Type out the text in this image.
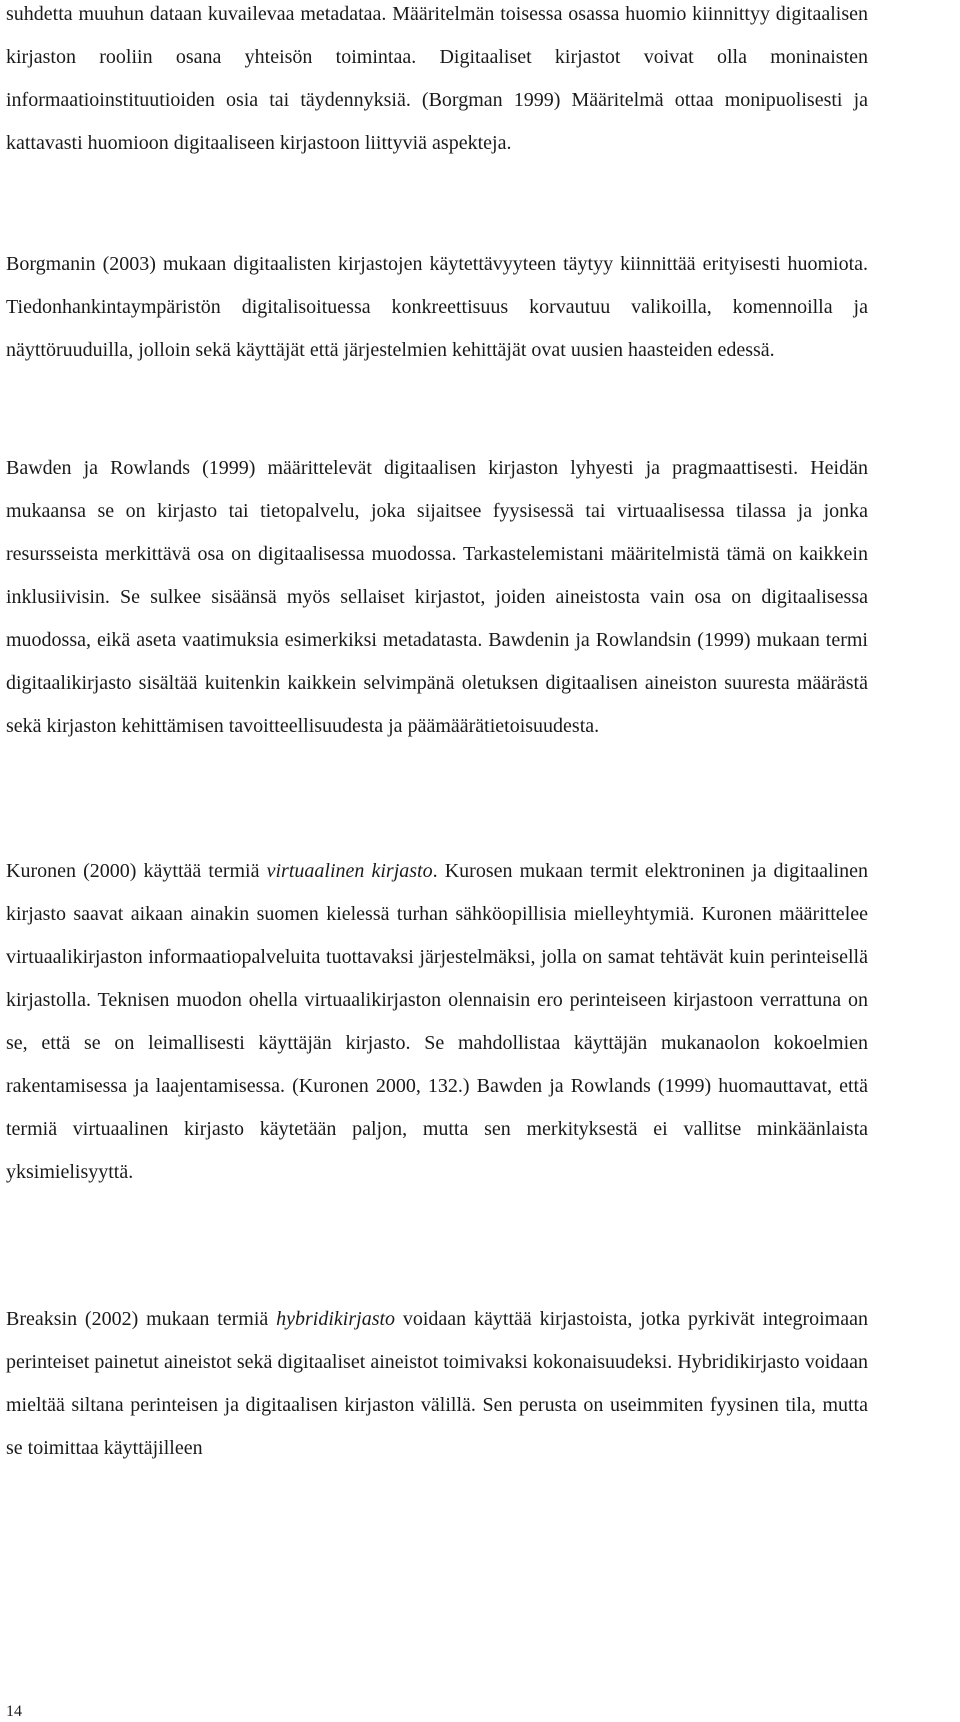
suhdetta muuhun dataan kuvailevaa metadataa. Määritelmän toisessa osassa huomio kiinnittyy digitaalisen kirjaston rooliin osana yhteisön toimintaa. Digitaaliset kirjastot voivat olla moninaisten informaatioinstituutioiden osia tai täydennyksiä. (Borgman 1999) Määritelmä ottaa monipuolisesti ja kattavasti huomioon digitaaliseen kirjastoon liittyviä aspekteja.

Borgmanin (2003) mukaan digitaalisten kirjastojen käytettävyyteen täytyy kiinnittää erityisesti huomiota. Tiedonhankintaympäristön digitalisoituessa konkreettisuus korvautuu valikoilla, komennoilla ja näyttöruuduilla, jolloin sekä käyttäjät että järjestelmien kehittäjät ovat uusien haasteiden edessä.

Bawden ja Rowlands (1999) määrittelevät digitaalisen kirjaston lyhyesti ja pragmaattisesti. Heidän mukaansa se on kirjasto tai tietopalvelu, joka sijaitsee fyysisessä tai virtuaalisessa tilassa ja jonka resursseista merkittävä osa on digitaalisessa muodossa. Tarkastelemistani määritelmistä tämä on kaikkein inklusiivisin. Se sulkee sisäänsä myös sellaiset kirjastot, joiden aineistosta vain osa on digitaalisessa muodossa, eikä aseta vaatimuksia esimerkiksi metadatasta. Bawdenin ja Rowlandsin (1999) mukaan termi digitaalikirjasto sisältää kuitenkin kaikkein selvimpänä oletuksen digitaalisen aineiston suuresta määrästä sekä kirjaston kehittämisen tavoitteellisuudesta ja päämäärätietoisuudesta.

Kuronen (2000) käyttää termiä virtuaalinen kirjasto. Kurosen mukaan termit elektroninen ja digitaalinen kirjasto saavat aikaan ainakin suomen kielessä turhan sähköopillisia mielleyhtymiä. Kuronen määrittelee virtuaalikirjaston informaatiopalveluita tuottavaksi järjestelmäksi, jolla on samat tehtävät kuin perinteisellä kirjastolla. Teknisen muodon ohella virtuaalikirjaston olennaisin ero perinteiseen kirjastoon verrattuna on se, että se on leimallisesti käyttäjän kirjasto. Se mahdollistaa käyttäjän mukanaolon kokoelmien rakentamisessa ja laajentamisessa. (Kuronen 2000, 132.) Bawden ja Rowlands (1999) huomauttavat, että termiä virtuaalinen kirjasto käytetään paljon, mutta sen merkityksestä ei vallitse minkäänlaista yksimielisyyttä.

Breaksin (2002) mukaan termiä hybridikirjasto voidaan käyttää kirjastoista, jotka pyrkivät integroimaan perinteiset painetut aineistot sekä digitaaliset aineistot toimivaksi kokonaisuudeksi. Hybridikirjasto voidaan mieltää siltana perinteisen ja digitaalisen kirjaston välillä. Sen perusta on useimmiten fyysinen tila, mutta se toimittaa käyttäjilleen

14
